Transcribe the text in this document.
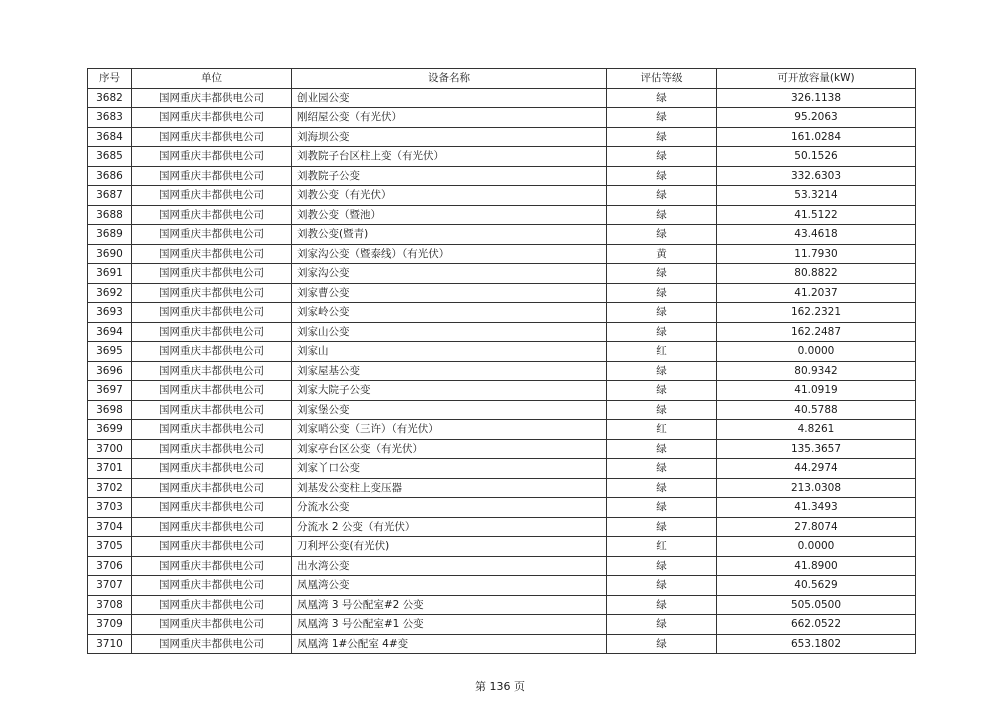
序号	单位	设备名称	评估等级	可开放容量(kW)
3682	国网重庆丰都供电公司	创业园公变	绿	326.1138
3683	国网重庆丰都供电公司	刚绍屋公变（有光伏）	绿	95.2063
3684	国网重庆丰都供电公司	刘海坝公变	绿	161.0284
3685	国网重庆丰都供电公司	刘教院子台区柱上变（有光伏）	绿	50.1526
3686	国网重庆丰都供电公司	刘教院子公变	绿	332.6303
3687	国网重庆丰都供电公司	刘教公变（有光伏）	绿	53.3214
3688	国网重庆丰都供电公司	刘教公变（暨池）	绿	41.5122
3689	国网重庆丰都供电公司	刘教公变(暨青)	绿	43.4618
3690	国网重庆丰都供电公司	刘家沟公变（暨泰线）（有光伏）	黄	11.7930
3691	国网重庆丰都供电公司	刘家沟公变	绿	80.8822
3692	国网重庆丰都供电公司	刘家曹公变	绿	41.2037
3693	国网重庆丰都供电公司	刘家岭公变	绿	162.2321
3694	国网重庆丰都供电公司	刘家山公变	绿	162.2487
3695	国网重庆丰都供电公司	刘家山	红	0.0000
3696	国网重庆丰都供电公司	刘家屋基公变	绿	80.9342
3697	国网重庆丰都供电公司	刘家大院子公变	绿	41.0919
3698	国网重庆丰都供电公司	刘家堡公变	绿	40.5788
3699	国网重庆丰都供电公司	刘家哨公变（三许）（有光伏）	红	4.8261
3700	国网重庆丰都供电公司	刘家亭台区公变（有光伏）	绿	135.3657
3701	国网重庆丰都供电公司	刘家丫口公变	绿	44.2974
3702	国网重庆丰都供电公司	刘基发公变柱上变压器	绿	213.0308
3703	国网重庆丰都供电公司	分流水公变	绿	41.3493
3704	国网重庆丰都供电公司	分流水 2 公变（有光伏）	绿	27.8074
3705	国网重庆丰都供电公司	刀利坪公变(有光伏)	红	0.0000
3706	国网重庆丰都供电公司	出水湾公变	绿	41.8900
3707	国网重庆丰都供电公司	凤凰湾公变	绿	40.5629
3708	国网重庆丰都供电公司	凤凰湾 3 号公配室#2 公变	绿	505.0500
3709	国网重庆丰都供电公司	凤凰湾 3 号公配室#1 公变	绿	662.0522
3710	国网重庆丰都供电公司	凤凰湾 1#公配室 4#变	绿	653.1802
第 136 页
